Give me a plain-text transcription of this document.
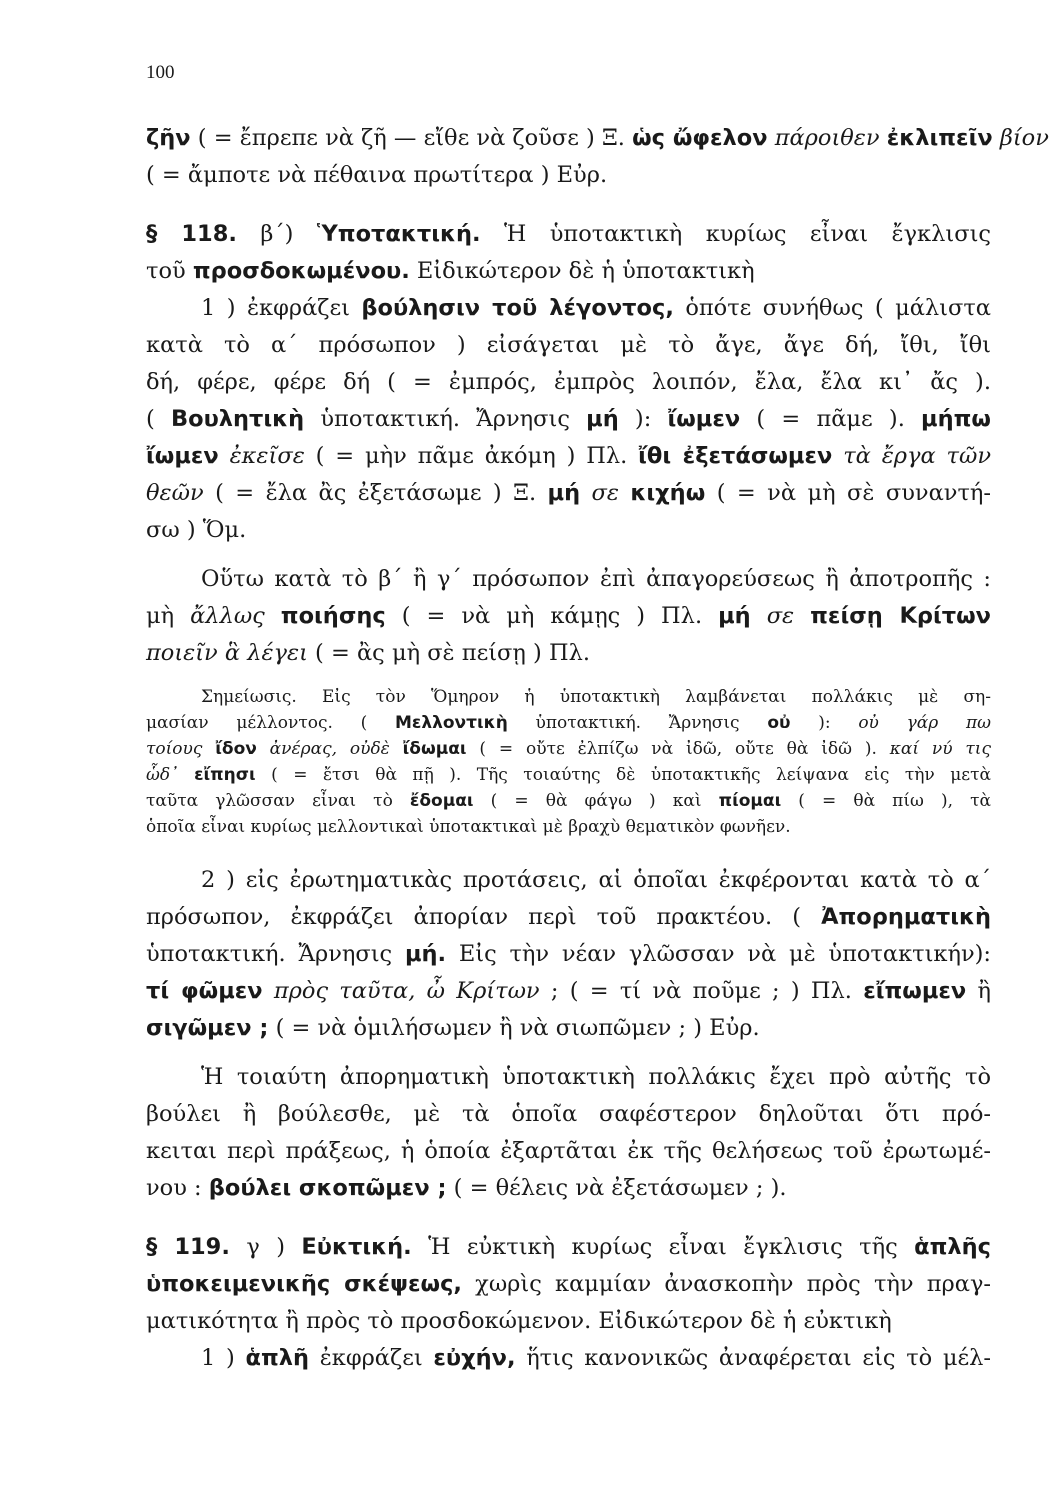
100
ζῆν ( = ἔπρεπε νὰ ζῆ — εἴθε νὰ ζοῦσε ) Ξ. ὡς ὤφελον πάροιθεν ἐκλιπεῖν βίον
( = ἄμποτε νὰ πέθαινα πρωτίτερα ) Εὐρ.
§ 118. β΄) Ὑποτακτική. Ἡ ὑποτακτικὴ κυρίως εἶναι ἔγκλισις
τοῦ προσδοκωμένου. Εἰδικώτερον δὲ ἡ ὑποτακτικὴ
1 ) ἐκφράζει βούλησιν τοῦ λέγοντος, ὁπότε συνήθως ( μάλιστα
κατὰ τὸ α΄ πρόσωπον ) εἰσάγεται μὲ τὸ ἄγε, ἄγε δή, ἴθι, ἴθι
δή, φέρε, φέρε δή ( = ἐμπρός, ἐμπρὸς λοιπόν, ἔλα, ἔλα κι᾽ ἄς ).
( Βουλητικὴ ὑποτακτική. Ἄρνησις μή ): ἴωμεν ( = πᾶμε ). μήπω
ἴωμεν ἐκεῖσε ( = μὴν πᾶμε ἀκόμη ) Πλ. ἴθι ἐξετάσωμεν τὰ ἔργα τῶν
θεῶν ( = ἔλα ἂς ἐξετάσωμε ) Ξ. μή σε κιχήω ( = νὰ μὴ σὲ συναντή-
σω ) Ὅμ.
Οὕτω κατὰ τὸ β΄ ἢ γ΄ πρόσωπον ἐπὶ ἀπαγορεύσεως ἢ ἀποτροπῆς :
μὴ ἄλλως ποιήσης ( = νὰ μὴ κάμῃς ) Πλ. μή σε πείσῃ Κρίτων
ποιεῖν ἃ λέγει ( = ἂς μὴ σὲ πείσῃ ) Πλ.
Σημείωσις. Εἰς τὸν Ὅμηρον ἡ ὑποτακτικὴ λαμβάνεται πολλάκις μὲ ση-
μασίαν μέλλοντος. ( Μελλοντικὴ ὑποτακτική. Ἄρνησις οὐ ): οὐ γάρ πω
τοίους ἴδον ἀνέρας, οὐδὲ ἴδωμαι ( = οὔτε ἐλπίζω νὰ ἰδῶ, οὔτε θὰ ἰδῶ ). καί νύ τις
ὧδ᾽ εἴπησι ( = ἔτσι θὰ πῇ ). Τῆς τοιαύτης δὲ ὑποτακτικῆς λείψανα εἰς τὴν μετὰ
ταῦτα γλῶσσαν εἶναι τὸ ἔδομαι ( = θὰ φάγω ) καὶ πίομαι ( = θὰ πίω ), τὰ
ὁποῖα εἶναι κυρίως μελλοντικαὶ ὑποτακτικαὶ μὲ βραχὺ θεματικὸν φωνῆεν.
2 ) εἰς ἐρωτηματικὰς προτάσεις, αἱ ὁποῖαι ἐκφέρονται κατὰ τὸ α΄
πρόσωπον, ἐκφράζει ἀπορίαν περὶ τοῦ πρακτέου. ( Ἀπορηματικὴ
ὑποτακτική. Ἄρνησις μή. Εἰς τὴν νέαν γλῶσσαν νὰ μὲ ὑποτακτικήν):
τί φῶμεν πρὸς ταῦτα, ὦ Κρίτων ; ( = τί νὰ ποῦμε ; ) Πλ. εἴπωμεν ἢ
σιγῶμεν ; ( = νὰ ὁμιλήσωμεν ἢ νὰ σιωπῶμεν ; ) Εὐρ.
Ἡ τοιαύτη ἀπορηματικὴ ὑποτακτικὴ πολλάκις ἔχει πρὸ αὐτῆς τὸ
βούλει ἢ βούλεσθε, μὲ τὰ ὁποῖα σαφέστερον δηλοῦται ὅτι πρό-
κειται περὶ πράξεως, ἡ ὁποία ἐξαρτᾶται ἐκ τῆς θελήσεως τοῦ ἐρωτωμέ-
νου : βούλει σκοπῶμεν ; ( = θέλεις νὰ ἐξετάσωμεν ; ).
§ 119. γ ) Εὐκτική. Ἡ εὐκτικὴ κυρίως εἶναι ἔγκλισις τῆς ἁπλῆς
ὑποκειμενικῆς σκέψεως, χωρὶς καμμίαν ἀνασκοπὴν πρὸς τὴν πραγ-
ματικότητα ἢ πρὸς τὸ προσδοκώμενον. Εἰδικώτερον δὲ ἡ εὐκτικὴ
1 ) ἁπλῆ ἐκφράζει εὐχήν, ἥτις κανονικῶς ἀναφέρεται εἰς τὸ μέλ-
